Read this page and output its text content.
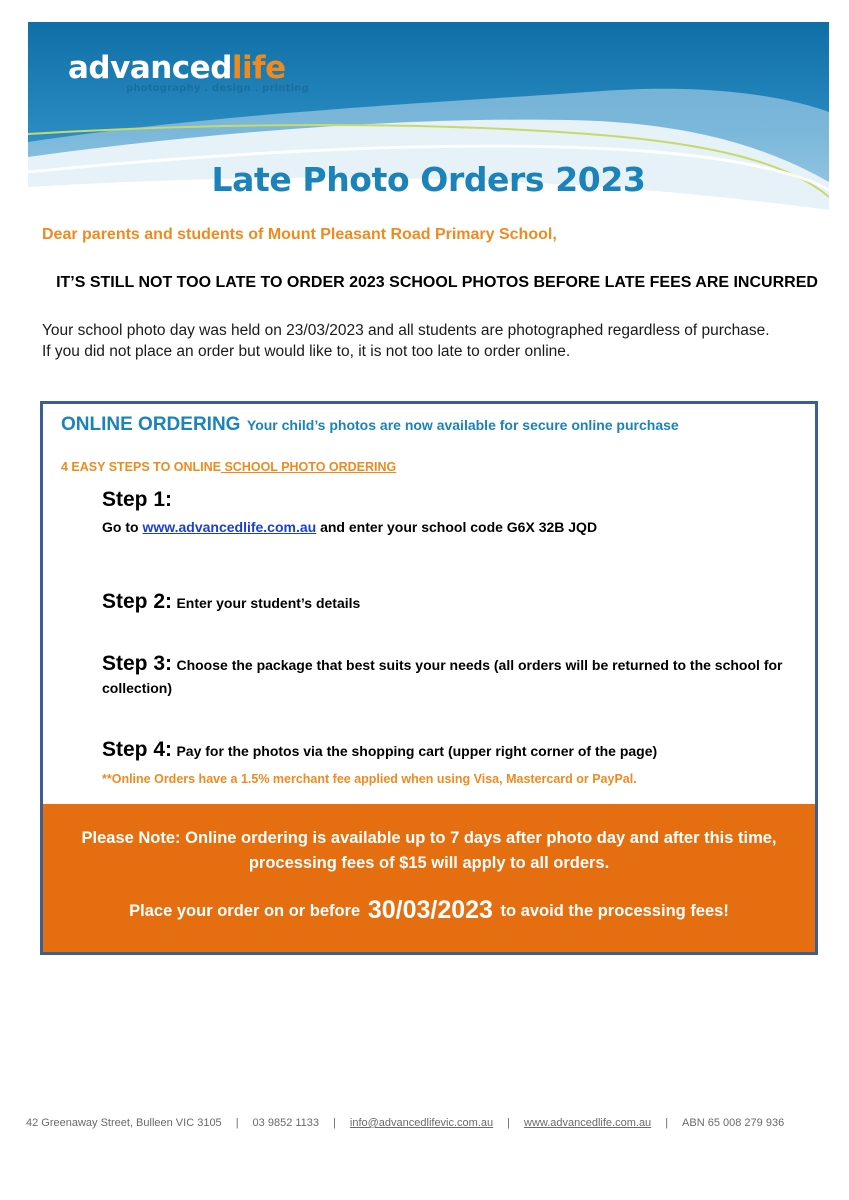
advancedlife
photography . design . printing
Late Photo Orders 2023
Dear parents and students of Mount Pleasant Road Primary School,
IT’S STILL NOT TOO LATE TO ORDER 2023 SCHOOL PHOTOS BEFORE LATE FEES ARE INCURRED
Your school photo day was held on 23/03/2023 and all students are photographed regardless of purchase.
If you did not place an order but would like to, it is not too late to order online.
ONLINE ORDERING Your child’s photos are now available for secure online purchase
4 EASY STEPS TO ONLINE SCHOOL PHOTO ORDERING
Step 1:
Go to www.advancedlife.com.au and enter your school code G6X 32B JQD
Step 2: Enter your student’s details
Step 3: Choose the package that best suits your needs (all orders will be returned to the school for collection)
Step 4: Pay for the photos via the shopping cart (upper right corner of the page)
**Online Orders have a 1.5% merchant fee applied when using Visa, Mastercard or PayPal.
Please Note: Online ordering is available up to 7 days after photo day and after this time, processing fees of $15 will apply to all orders.
Place your order on or before 30/03/2023 to avoid the processing fees!
42 Greenaway Street, Bulleen VIC 3105 | 03 9852 1133 | info@advancedlifevic.com.au | www.advancedlife.com.au | ABN 65 008 279 936
